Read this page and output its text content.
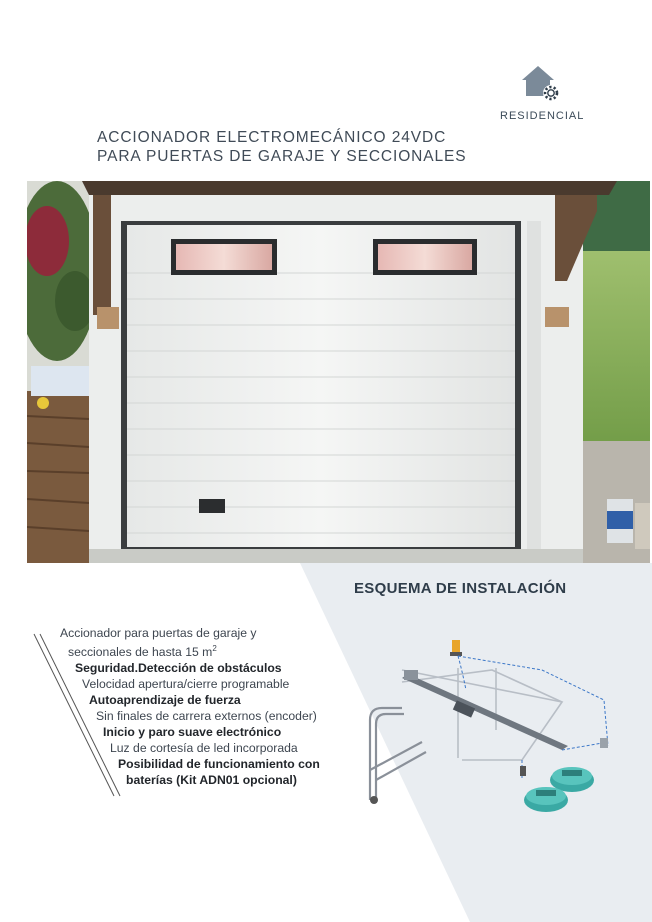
RESIDENCIAL
ACCIONADOR ELECTROMECÁNICO 24VDC
PARA PUERTAS DE GARAJE Y SECCIONALES
ESQUEMA DE INSTALACIÓN
Accionador para puertas de garaje y
seccionales de hasta 15 $m^2$
Seguridad.Detección de obstáculos
Velocidad apertura/cierre programable
Autoaprendizaje de fuerza
Sin finales de carrera externos (encoder)
Inicio y paro suave electrónico
Luz de cortesía de led incorporada
Posibilidad de funcionamiento con
baterías (Kit ADN01 opcional)
